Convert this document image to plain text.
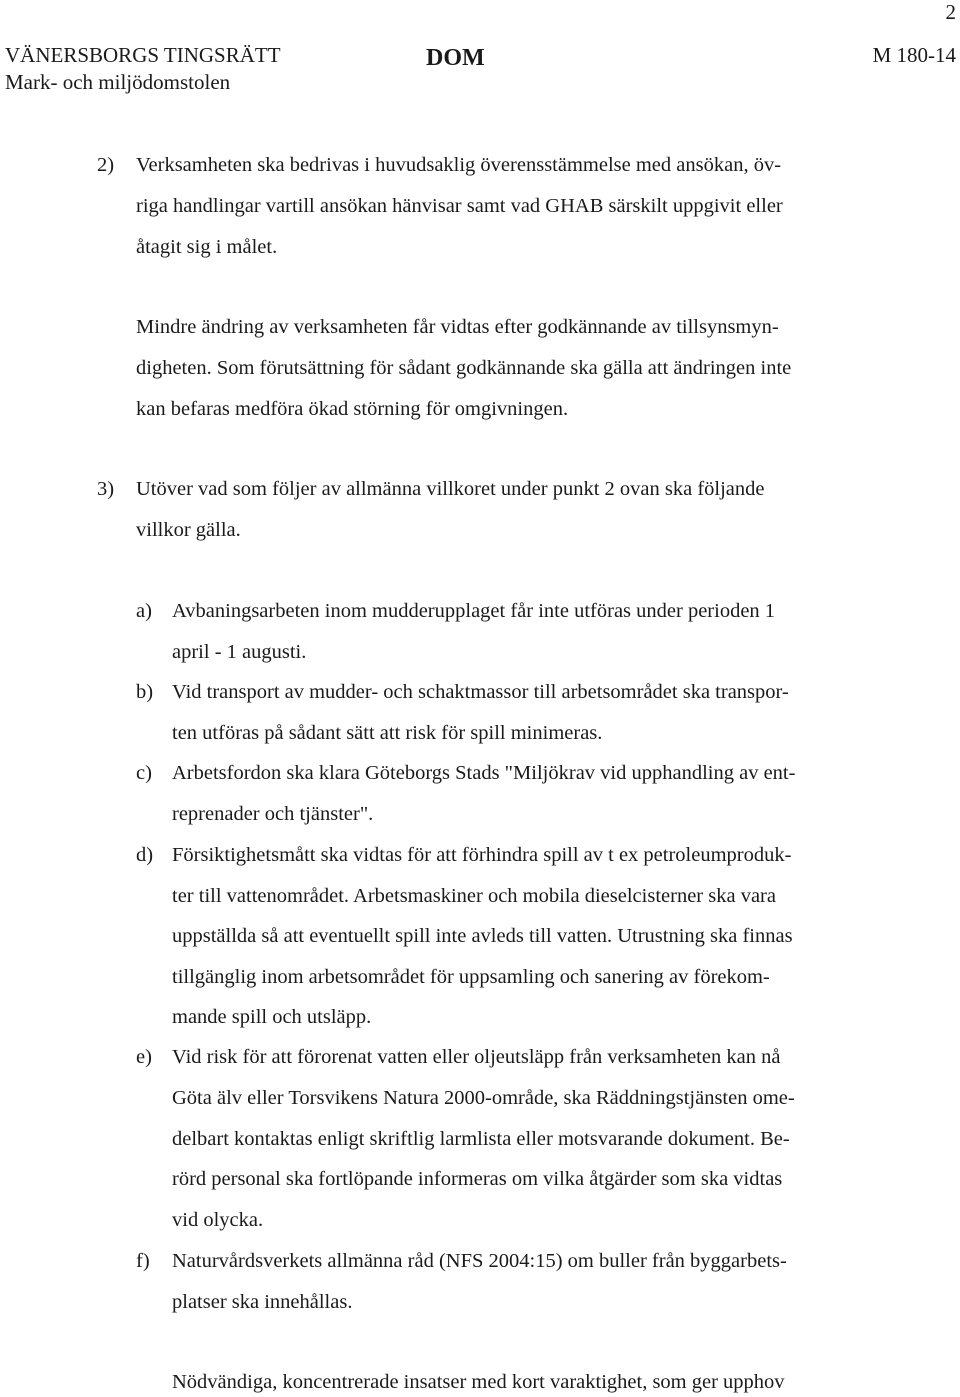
2
VÄNERSBORGS TINGSRÄTT
Mark- och miljödomstolen
DOM	M 180-14
2) Verksamheten ska bedrivas i huvudsaklig överensstämmelse med ansökan, öv-
riga handlingar vartill ansökan hänvisar samt vad GHAB särskilt uppgivit eller
åtagit sig i målet.
Mindre ändring av verksamheten får vidtas efter godkännande av tillsynsmyn-
digheten. Som förutsättning för sådant godkännande ska gälla att ändringen inte
kan befaras medföra ökad störning för omgivningen.
3) Utöver vad som följer av allmänna villkoret under punkt 2 ovan ska följande
villkor gälla.
a) Avbaningsarbeten inom mudderupplaget får inte utföras under perioden 1
april - 1 augusti.
b) Vid transport av mudder- och schaktmassor till arbetsområdet ska transpor-
ten utföras på sådant sätt att risk för spill minimeras.
c) Arbetsfordon ska klara Göteborgs Stads "Miljökrav vid upphandling av ent-
reprenader och tjänster".
d) Försiktighetsmått ska vidtas för att förhindra spill av t ex petroleumproduk-
ter till vattenområdet. Arbetsmaskiner och mobila dieselcisterner ska vara
uppställda så att eventuellt spill inte avleds till vatten. Utrustning ska finnas
tillgänglig inom arbetsområdet för uppsamling och sanering av förekom-
mande spill och utsläpp.
e) Vid risk för att förorenat vatten eller oljeutsläpp från verksamheten kan nå
Göta älv eller Torsvikens Natura 2000-område, ska Räddningstjänsten ome-
delbart kontaktas enligt skriftlig larmlista eller motsvarande dokument. Be-
rörd personal ska fortlöpande informeras om vilka åtgärder som ska vidtas
vid olycka.
f) Naturvårdsverkets allmänna råd (NFS 2004:15) om buller från byggarbets-
platser ska innehållas.
Nödvändiga, koncentrerade insatser med kort varaktighet, som ger upphov
